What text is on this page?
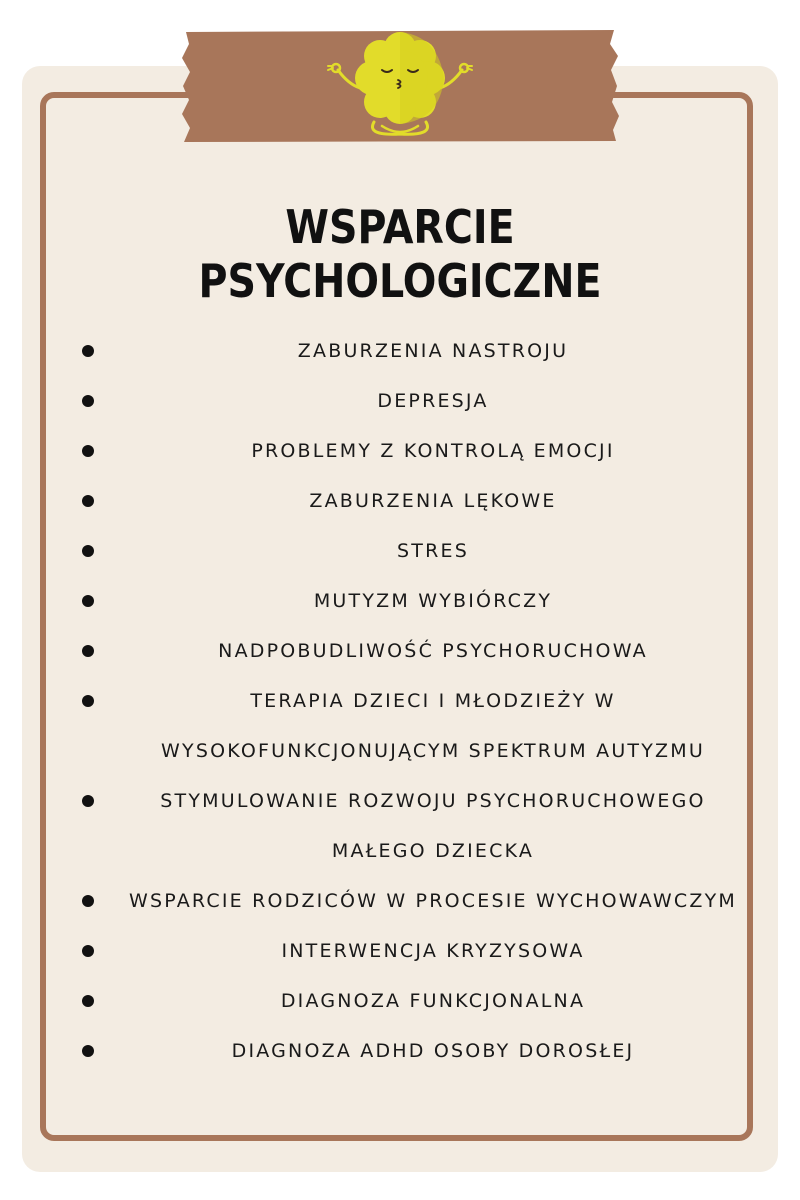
WSPARCIE PSYCHOLOGICZNE
ZABURZENIA NASTROJU
DEPRESJA
PROBLEMY Z KONTROLĄ EMOCJI
ZABURZENIA LĘKOWE
STRES
MUTYZM WYBIÓRCZY
NADPOBUDLIWOŚĆ PSYCHORUCHOWA
TERAPIA DZIECI I MŁODZIEŻY W WYSOKOFUNKCJONUJĄCYM SPEKTRUM AUTYZMU
STYMULOWANIE ROZWOJU PSYCHORUCHOWEGO MAŁEGO DZIECKA
WSPARCIE RODZICÓW W PROCESIE WYCHOWAWCZYM
INTERWENCJA KRYZYSOWA
DIAGNOZA FUNKCJONALNA
DIAGNOZA ADHD OSOBY DOROSŁEJ
